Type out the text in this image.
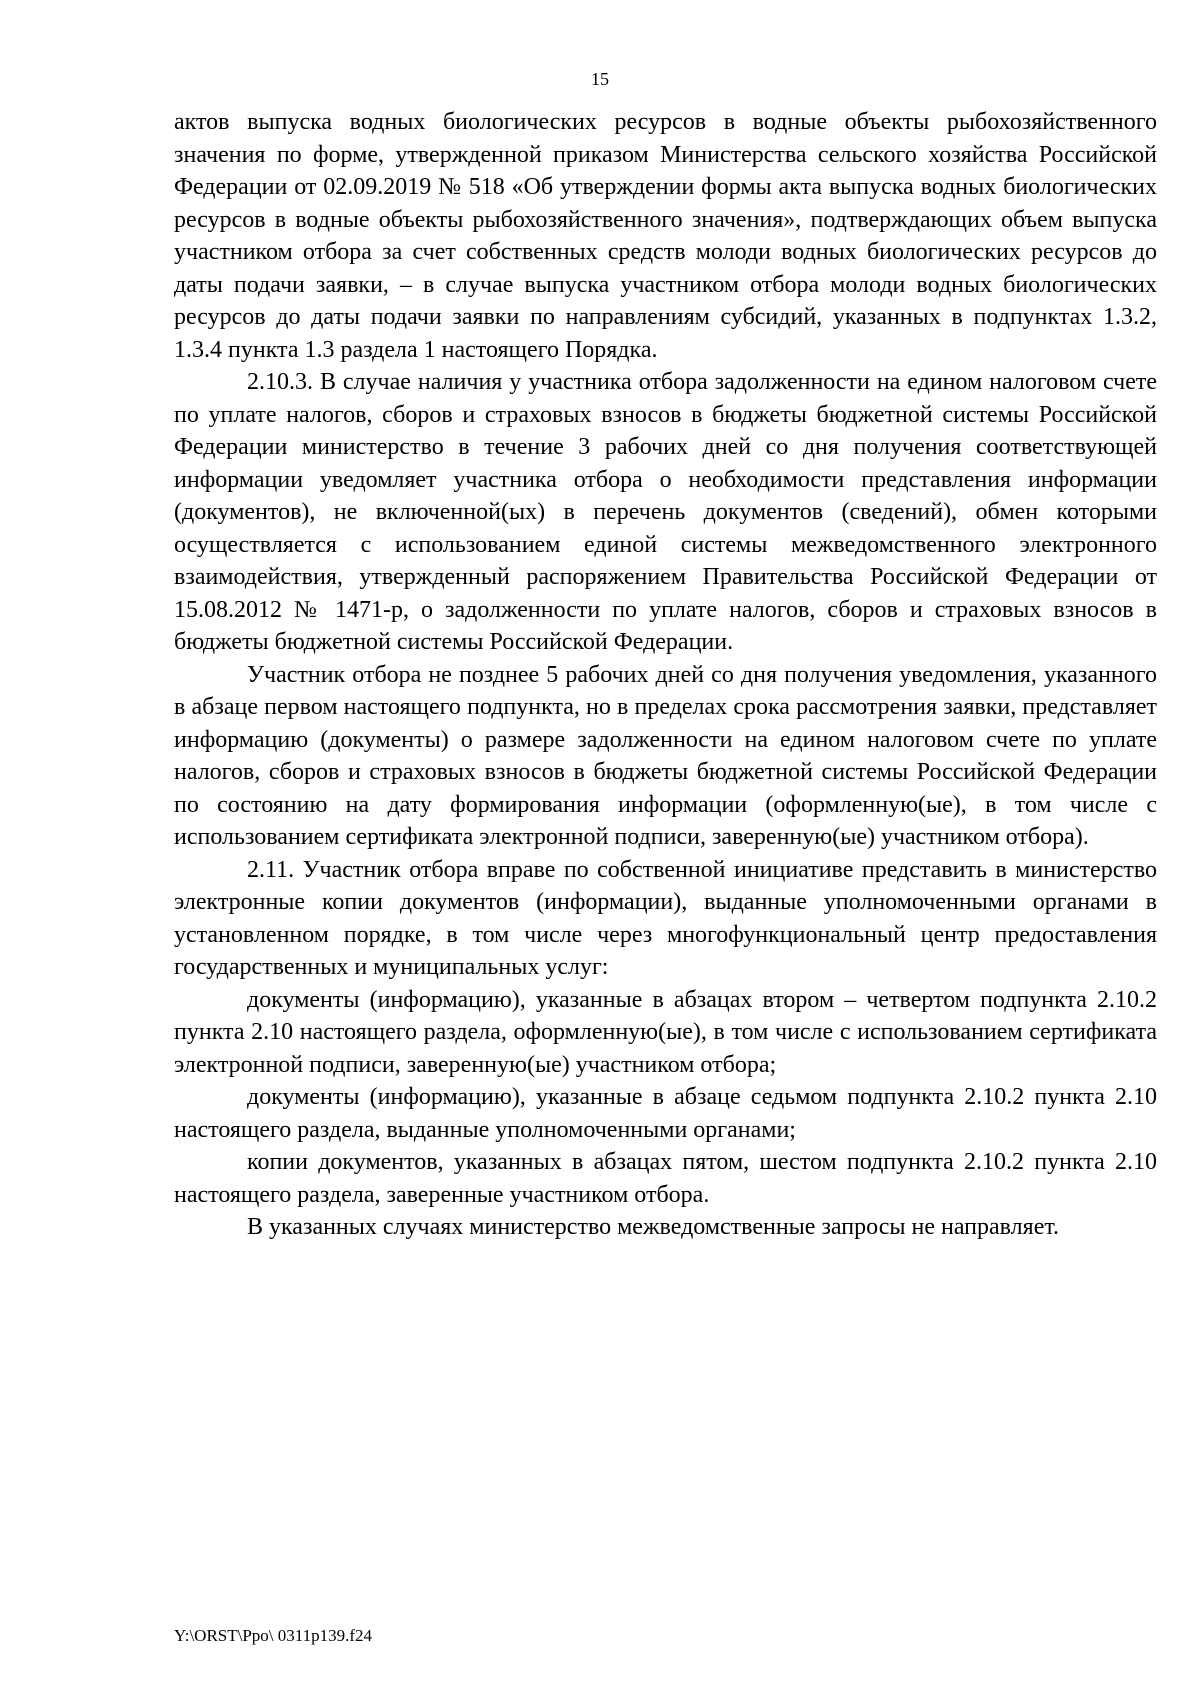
15

актов выпуска водных биологических ресурсов в водные объекты рыбохозяйственного значения по форме, утвержденной приказом Министерства сельского хозяйства Российской Федерации от 02.09.2019 № 518 «Об утверждении формы акта выпуска водных биологических ресурсов в водные объекты рыбохозяйственного значения», подтверждающих объем выпуска участником отбора за счет собственных средств молоди водных биологических ресурсов до даты подачи заявки, – в случае выпуска участником отбора молоди водных биологических ресурсов до даты подачи заявки по направлениям субсидий, указанных в подпунктах 1.3.2, 1.3.4 пункта 1.3 раздела 1 настоящего Порядка.

2.10.3. В случае наличия у участника отбора задолженности на едином налоговом счете по уплате налогов, сборов и страховых взносов в бюджеты бюджетной системы Российской Федерации министерство в течение 3 рабочих дней со дня получения соответствующей информации уведомляет участника отбора о необходимости представления информации (документов), не включенной(ых) в перечень документов (сведений), обмен которыми осуществляется с использованием единой системы межведомственного электронного взаимодействия, утвержденный распоряжением Правительства Российской Федерации от 15.08.2012 № 1471-р, о задолженности по уплате налогов, сборов и страховых взносов в бюджеты бюджетной системы Российской Федерации.

Участник отбора не позднее 5 рабочих дней со дня получения уведомления, указанного в абзаце первом настоящего подпункта, но в пределах срока рассмотрения заявки, представляет информацию (документы) о размере задолженности на едином налоговом счете по уплате налогов, сборов и страховых взносов в бюджеты бюджетной системы Российской Федерации по состоянию на дату формирования информации (оформленную(ые), в том числе с использованием сертификата электронной подписи, заверенную(ые) участником отбора).

2.11. Участник отбора вправе по собственной инициативе представить в министерство электронные копии документов (информации), выданные уполномоченными органами в установленном порядке, в том числе через многофункциональный центр предоставления государственных и муниципальных услуг:

документы (информацию), указанные в абзацах втором – четвертом подпункта 2.10.2 пункта 2.10 настоящего раздела, оформленную(ые), в том числе с использованием сертификата электронной подписи, заверенную(ые) участником отбора;

документы (информацию), указанные в абзаце седьмом подпункта 2.10.2 пункта 2.10 настоящего раздела, выданные уполномоченными органами;

копии документов, указанных в абзацах пятом, шестом подпункта 2.10.2 пункта 2.10 настоящего раздела, заверенные участником отбора.

В указанных случаях министерство межведомственные запросы не направляет.

Y:\ORST\Ppo\ 0311p139.f24
